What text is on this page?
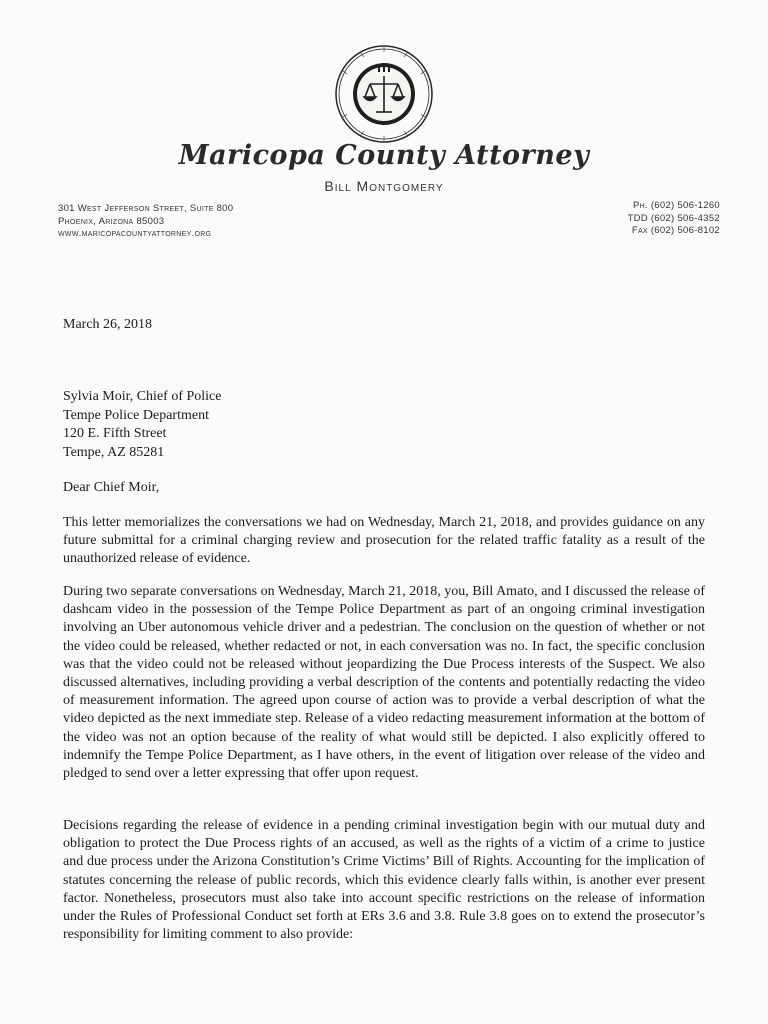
Maricopa County Attorney
Bill Montgomery
301 West Jefferson Street, Suite 800
Phoenix, Arizona 85003
www.maricopacountyattorney.org
Ph. (602) 506-1260
TDD (602) 506-4352
Fax (602) 506-8102
March 26, 2018
Sylvia Moir, Chief of Police
Tempe Police Department
120 E. Fifth Street
Tempe, AZ 85281
Dear Chief Moir,

This letter memorializes the conversations we had on Wednesday, March 21, 2018, and provides guidance on any future submittal for a criminal charging review and prosecution for the related traffic fatality as a result of the unauthorized release of evidence.

During two separate conversations on Wednesday, March 21, 2018, you, Bill Amato, and I discussed the release of dashcam video in the possession of the Tempe Police Department as part of an ongoing criminal investigation involving an Uber autonomous vehicle driver and a pedestrian. The conclusion on the question of whether or not the video could be released, whether redacted or not, in each conversation was no. In fact, the specific conclusion was that the video could not be released without jeopardizing the Due Process interests of the Suspect. We also discussed alternatives, including providing a verbal description of the contents and potentially redacting the video of measurement information. The agreed upon course of action was to provide a verbal description of what the video depicted as the next immediate step. Release of a video redacting measurement information at the bottom of the video was not an option because of the reality of what would still be depicted. I also explicitly offered to indemnify the Tempe Police Department, as I have others, in the event of litigation over release of the video and pledged to send over a letter expressing that offer upon request.

Decisions regarding the release of evidence in a pending criminal investigation begin with our mutual duty and obligation to protect the Due Process rights of an accused, as well as the rights of a victim of a crime to justice and due process under the Arizona Constitution’s Crime Victims’ Bill of Rights. Accounting for the implication of statutes concerning the release of public records, which this evidence clearly falls within, is another ever present factor. Nonetheless, prosecutors must also take into account specific restrictions on the release of information under the Rules of Professional Conduct set forth at ERs 3.6 and 3.8. Rule 3.8 goes on to extend the prosecutor’s responsibility for limiting comment to also provide:
